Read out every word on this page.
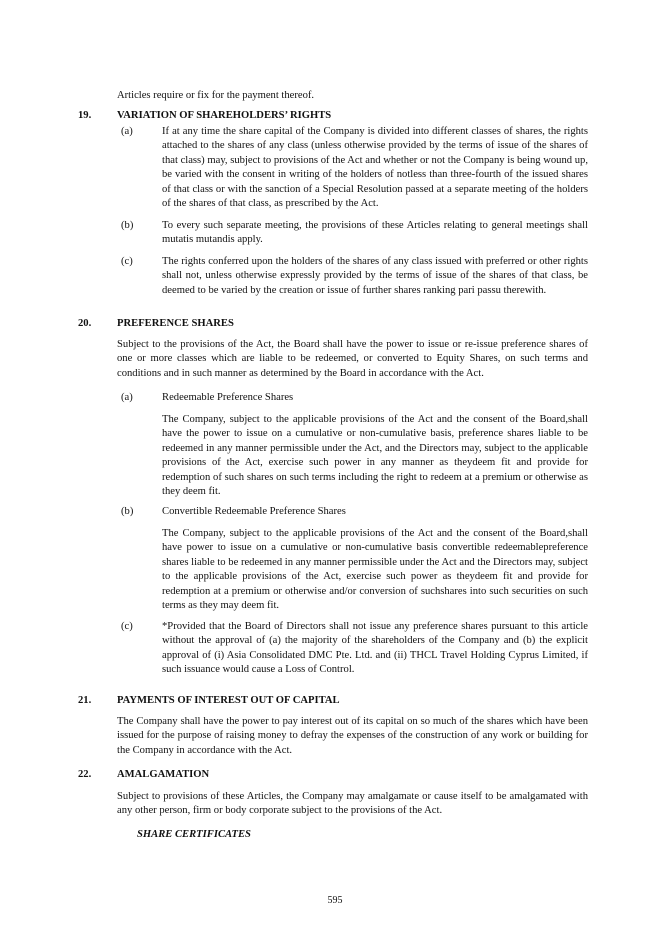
Articles require or fix for the payment thereof.
19. VARIATION OF SHAREHOLDERS’ RIGHTS
(a)	If at any time the share capital of the Company is divided into different classes of shares, the rights attached to the shares of any class (unless otherwise provided by the terms of issue of the shares of that class) may, subject to provisions of the Act and whether or not the Company is being wound up, be varied with the consent in writing of the holders of notless than three-fourth of the issued shares of that class or with the sanction of a Special Resolution passed at a separate meeting of the holders of the shares of that class, as prescribed by the Act.
(b)	To every such separate meeting, the provisions of these Articles relating to general meetings shall mutatis mutandis apply.
(c)	The rights conferred upon the holders of the shares of any class issued with preferred or other rights shall not, unless otherwise expressly provided by the terms of issue of the shares of that class, be deemed to be varied by the creation or issue of further shares ranking pari passu therewith.
20. PREFERENCE SHARES
Subject to the provisions of the Act, the Board shall have the power to issue or re-issue preference shares of one or more classes which are liable to be redeemed, or converted to Equity Shares, on such terms and conditions and in such manner as determined by the Board in accordance with the Act.
(a)	Redeemable Preference Shares
The Company, subject to the applicable provisions of the Act and the consent of the Board,shall have the power to issue on a cumulative or non-cumulative basis, preference shares liable to be redeemed in any manner permissible under the Act, and the Directors may, subject to the applicable provisions of the Act, exercise such power in any manner as theydeem fit and provide for redemption of such shares on such terms including the right to redeem at a premium or otherwise as they deem fit.
(b)	Convertible Redeemable Preference Shares
The Company, subject to the applicable provisions of the Act and the consent of the Board,shall have power to issue on a cumulative or non-cumulative basis convertible redeemablepreference shares liable to be redeemed in any manner permissible under the Act and the Directors may, subject to the applicable provisions of the Act, exercise such power as theydeem fit and provide for redemption at a premium or otherwise and/or conversion of suchshares into such securities on such terms as they may deem fit.
(c)	*Provided that the Board of Directors shall not issue any preference shares pursuant to this article without the approval of (a) the majority of the shareholders of the Company and (b) the explicit approval of (i) Asia Consolidated DMC Pte. Ltd. and (ii) THCL Travel Holding Cyprus Limited, if such issuance would cause a Loss of Control.
21. PAYMENTS OF INTEREST OUT OF CAPITAL
The Company shall have the power to pay interest out of its capital on so much of the shares which have been issued for the purpose of raising money to defray the expenses of the construction of any work or building for the Company in accordance with the Act.
22. AMALGAMATION
Subject to provisions of these Articles, the Company may amalgamate or cause itself to be amalgamated with any other person, firm or body corporate subject to the provisions of the Act.
SHARE CERTIFICATES
595
